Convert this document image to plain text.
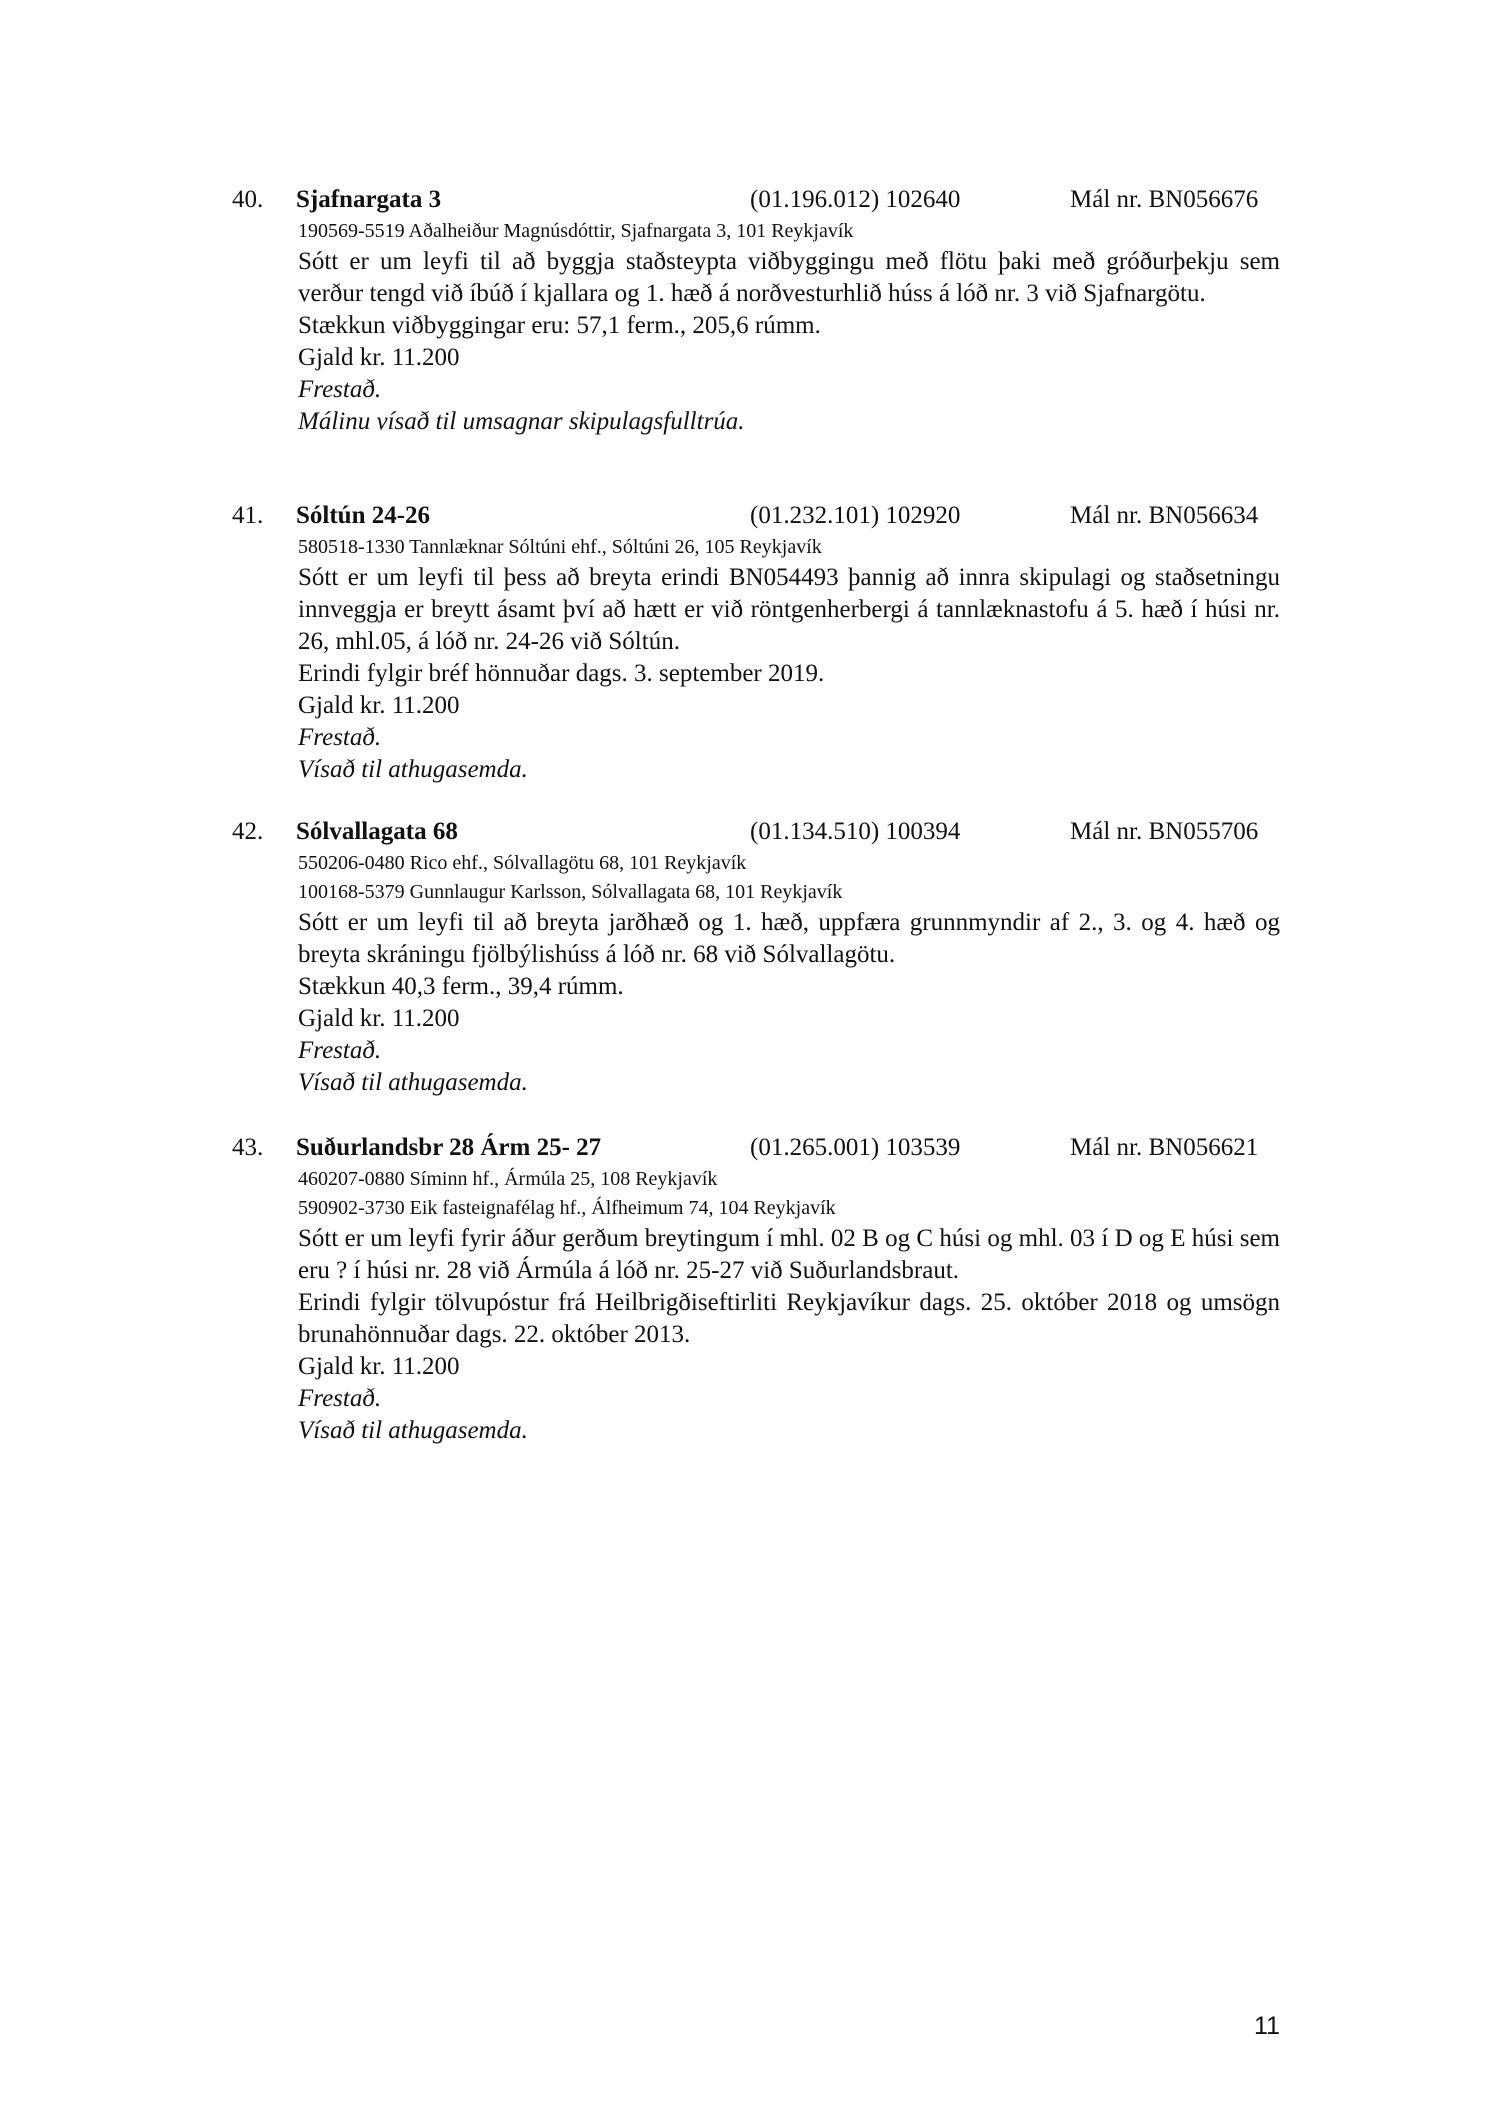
40. Sjafnargata 3	(01.196.012) 102640	Mál nr. BN056676
190569-5519 Aðalheiður Magnúsdóttir, Sjafnargata 3, 101 Reykjavík
Sótt er um leyfi til að byggja staðsteypta viðbyggingu með flötu þaki með gróðurþekju sem verður tengd við íbúð í kjallara og 1. hæð á norðvesturhlið húss á lóð nr. 3 við Sjafnargötu.
Stækkun viðbyggingar eru: 57,1 ferm., 205,6 rúmm.
Gjald kr. 11.200
Frestað.
Málinu vísað til umsagnar skipulagsfulltrúa.
41. Sóltún 24-26	(01.232.101) 102920	Mál nr. BN056634
580518-1330 Tannlæknar Sóltúni ehf., Sóltúni 26, 105 Reykjavík
Sótt er um leyfi til þess að breyta erindi BN054493 þannig að innra skipulagi og staðsetningu innveggja er breytt ásamt því að hætt er við röntgenherbergi á tannlæknastofu á 5. hæð í húsi nr. 26, mhl.05, á lóð nr. 24-26 við Sóltún.
Erindi fylgir bréf hönnuðar dags. 3. september 2019.
Gjald kr. 11.200
Frestað.
Vísað til athugasemda.
42. Sólvallagata 68	(01.134.510) 100394	Mál nr. BN055706
550206-0480 Rico ehf., Sólvallagötu 68, 101 Reykjavík
100168-5379 Gunnlaugur Karlsson, Sólvallagata 68, 101 Reykjavík
Sótt er um leyfi til að breyta jarðhæð og 1. hæð, uppfæra grunnmyndir af 2., 3. og 4. hæð og breyta skráningu fjölbýlishúss á lóð nr. 68 við Sólvallagötu.
Stækkun 40,3 ferm., 39,4 rúmm.
Gjald kr. 11.200
Frestað.
Vísað til athugasemda.
43. Suðurlandsbr 28 Árm 25- 27	(01.265.001) 103539	Mál nr. BN056621
460207-0880 Síminn hf., Ármúla 25, 108 Reykjavík
590902-3730 Eik fasteignafélag hf., Álfheimum 74, 104 Reykjavík
Sótt er um leyfi fyrir áður gerðum breytingum í mhl. 02 B og C húsi og mhl. 03 í D og E húsi sem eru ? í húsi nr. 28 við Ármúla á lóð nr. 25-27 við Suðurlandsbraut.
Erindi fylgir tölvupóstur frá Heilbrigðiseftirliti Reykjavíkur dags. 25. október 2018 og umsögn brunahönnuðar dags. 22. október 2013.
Gjald kr. 11.200
Frestað.
Vísað til athugasemda.
11
